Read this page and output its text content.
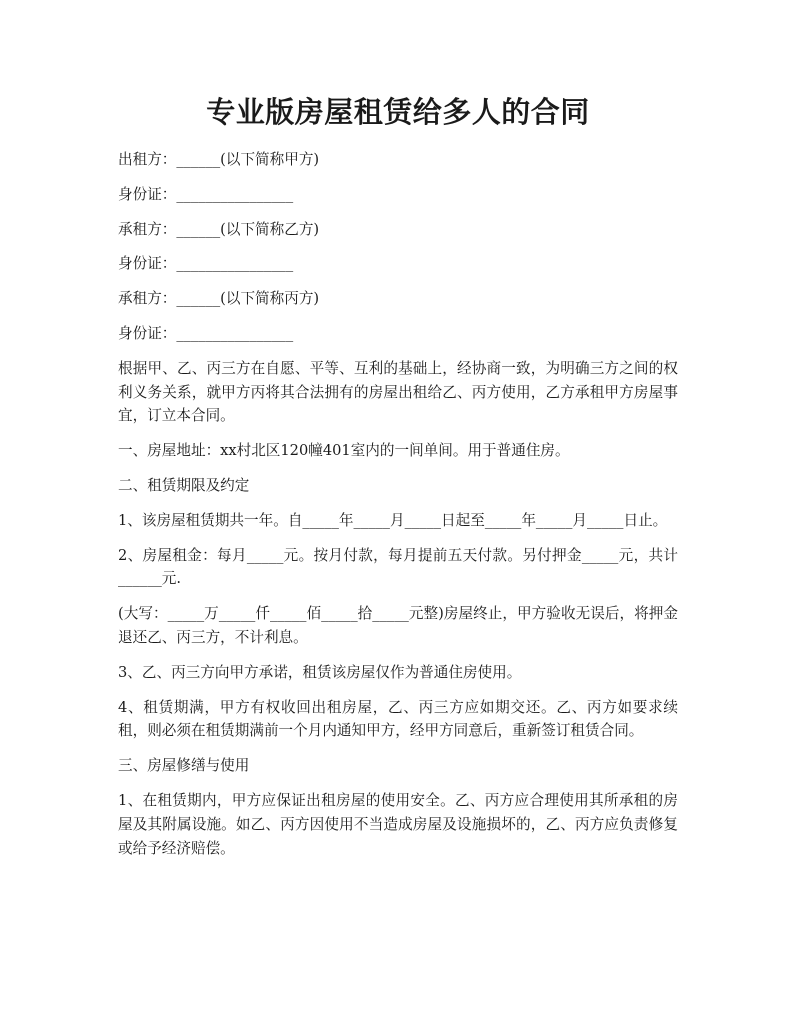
专业版房屋租赁给多人的合同

出租方：______(以下简称甲方)

身份证：________________

承租方：______(以下简称乙方)

身份证：________________

承租方：______(以下简称丙方)

身份证：________________

根据甲、乙、丙三方在自愿、平等、互利的基础上，经协商一致，为明确三方之间的权利义务关系，就甲方丙将其合法拥有的房屋出租给乙、丙方使用，乙方承租甲方房屋事宜，订立本合同。

一、房屋地址：xx村北区120幢401室内的一间单间。用于普通住房。

二、租赁期限及约定

1、该房屋租赁期共一年。自_____年_____月_____日起至_____年_____月_____日止。

2、房屋租金：每月_____元。按月付款，每月提前五天付款。另付押金_____元，共计______元.

(大写：_____万_____仟_____佰_____拾_____元整)房屋终止，甲方验收无误后，将押金退还乙、丙三方，不计利息。

3、乙、丙三方向甲方承诺，租赁该房屋仅作为普通住房使用。

4、租赁期满，甲方有权收回出租房屋，乙、丙三方应如期交还。乙、丙方如要求续租，则必须在租赁期满前一个月内通知甲方，经甲方同意后，重新签订租赁合同。

三、房屋修缮与使用

1、在租赁期内，甲方应保证出租房屋的使用安全。乙、丙方应合理使用其所承租的房屋及其附属设施。如乙、丙方因使用不当造成房屋及设施损坏的，乙、丙方应负责修复或给予经济赔偿。
